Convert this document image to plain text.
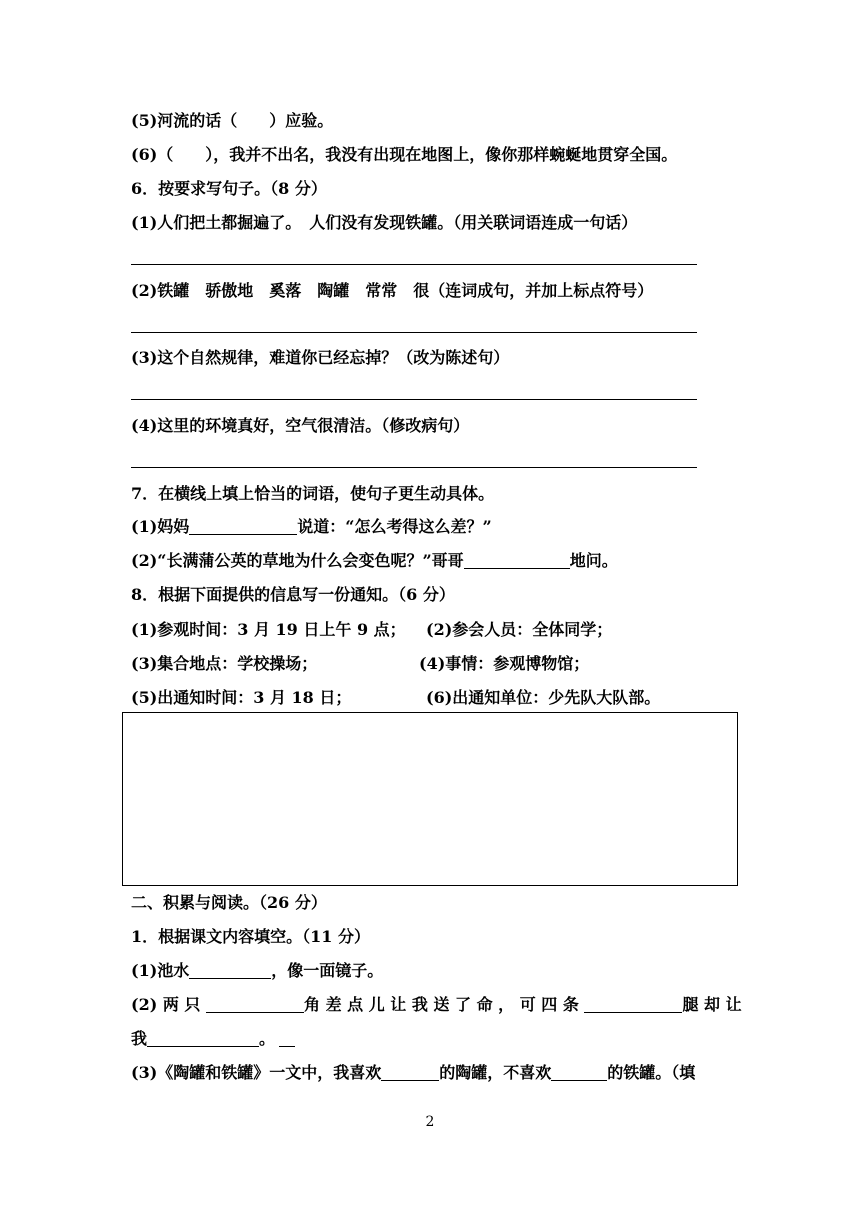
(5)河流的话（　　）应验。
(6)（　　），我并不出名，我没有出现在地图上，像你那样蜿蜒地贯穿全国。
6．按要求写句子。（8 分）
(1)人们把土都掘遍了。　人们没有发现铁罐。（用关联词语连成一句话）
(2)铁罐　骄傲地　奚落　陶罐　常常　很（连词成句，并加上标点符号）
(3)这个自然规律，难道你已经忘掉？（改为陈述句）
(4)这里的环境真好，空气很清洁。（修改病句）
7．在横线上填上恰当的词语，使句子更生动具体。
(1)妈妈	说道：“怎么考得这么差？”
(2)“长满蒲公英的草地为什么会变色呢？”哥哥	地问。
8．根据下面提供的信息写一份通知。（6 分）
(1)参观时间：3 月 19 日上午 9 点； (2)参会人员：全体同学；
(3)集合地点：学校操场；	(4)事情：参观博物馆；
(5)出通知时间：3 月 18 日；	(6)出通知单位：少先队大队部。
二、积累与阅读。（26 分）
1．根据课文内容填空。（11 分）
(1)池水	，像一面镜子。
(2) 两 只	角 差 点 儿 让 我 送 了 命 ， 可 四 条	腿 却 让
我	。
(3)《陶罐和铁罐》一文中，我喜欢	的陶罐，不喜欢	的铁罐。（填
2
